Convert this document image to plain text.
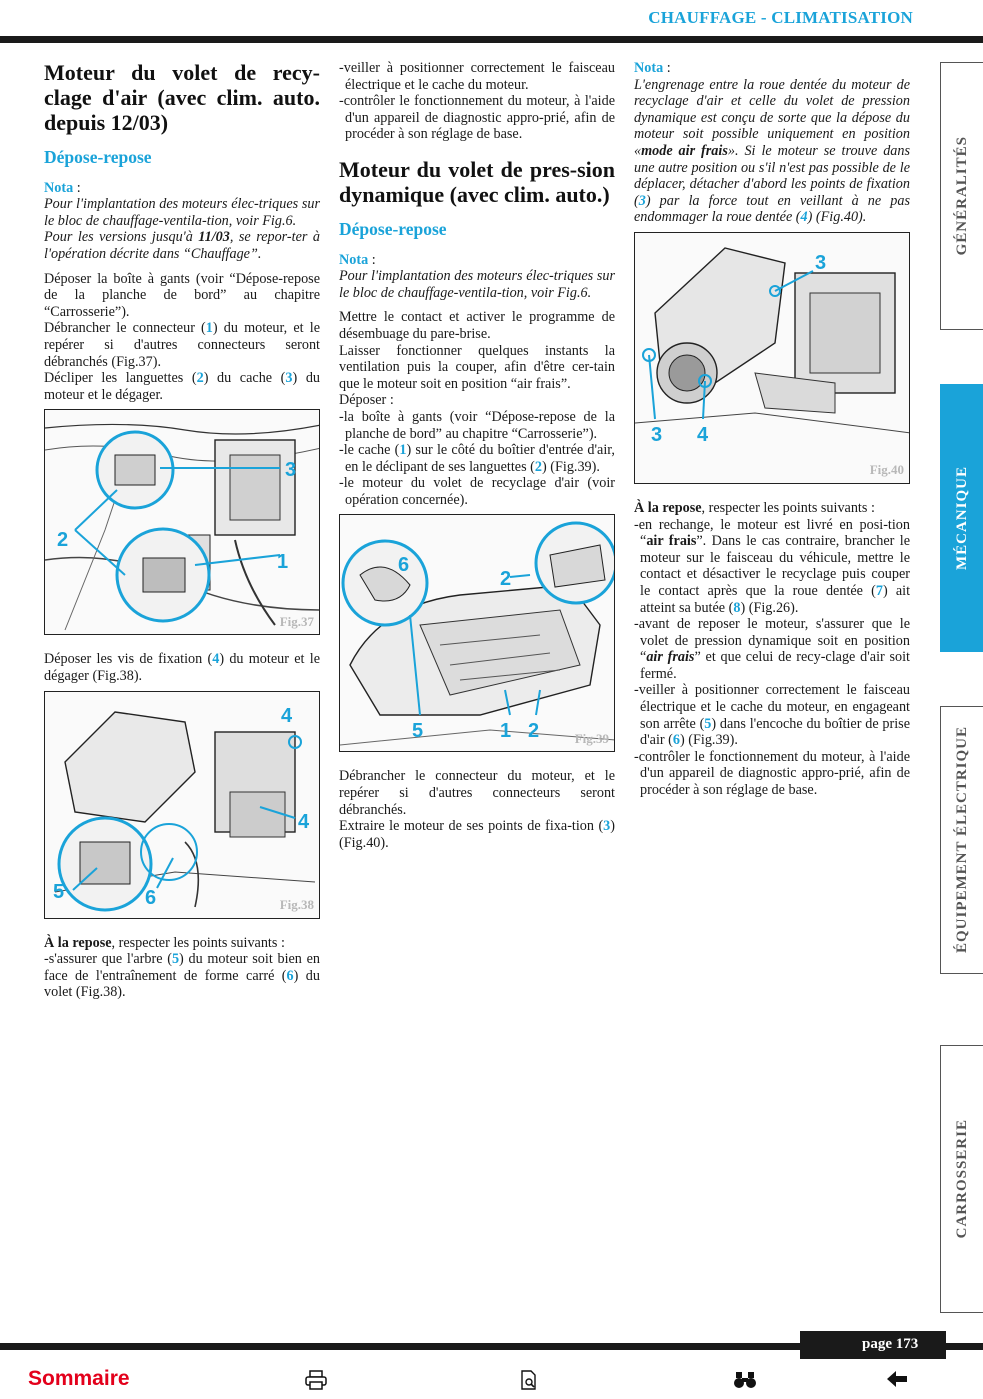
CHAUFFAGE - CLIMATISATION
Moteur du volet de recy-clage d'air (avec clim. auto. depuis 12/03)
Dépose-repose

Nota :

Pour l'implantation des moteurs élec-triques sur le bloc de chauffage-ventila-tion, voir Fig.6.

Pour les versions jusqu'à 11/03, se repor-ter à l'opération décrite dans “Chauffage”.

Déposer la boîte à gants (voir “Dépose-repose de la planche de bord” au chapitre “Carrosserie”).

Débrancher le connecteur (1) du moteur, et le repérer si d'autres connecteurs seront débranchés (Fig.37).

Décliper les languettes (2) du cache (3) du moteur et le dégager.

3
2
1
Fig.37

Déposer les vis de fixation (4) du moteur et le dégager (Fig.38).

4
4
5	6	Fig.38

À la repose, respecter les points suivants :

-s'assurer que l'arbre (5) du moteur soit bien en face de l'entraînement de forme carré (6) du volet (Fig.38).

-veiller à positionner correctement le faisceau électrique et le cache du moteur.

-contrôler le fonctionnement du moteur, à l'aide d'un appareil de diagnostic appro-prié, afin de procéder à son réglage de base.

Moteur du volet de pres-sion dynamique (avec clim. auto.)
Dépose-repose

Nota :

Pour l'implantation des moteurs élec-triques sur le bloc de chauffage-ventila-tion, voir Fig.6.

Mettre le contact et activer le programme de désembuage du pare-brise.

Laisser fonctionner quelques instants la ventilation puis la couper, afin d'être cer-tain que le moteur soit en position “air frais”.

Déposer :

-la boîte à gants (voir “Dépose-repose de la planche de bord” au chapitre “Carrosserie”).

-le cache (1) sur le côté du boîtier d'entrée d'air, en le déclipant de ses languettes (2) (Fig.39).

-le moteur du volet de recyclage d'air (voir opération concernée).

6
2
5	1 2	Fig.39

Débrancher le connecteur du moteur, et le repérer si d'autres connecteurs seront débranchés.

Extraire le moteur de ses points de fixa-tion (3) (Fig.40).

Nota :

L'engrenage entre la roue dentée du moteur de recyclage d'air et celle du volet de pression dynamique est conçu de sorte que la dépose du moteur soit possible uniquement en position «mode air frais». Si le moteur se trouve dans une autre position ou s'il n'est pas possible de le déplacer, détacher d'abord les points de fixation (3) par la force tout en veillant à ne pas endommager la roue dentée (4) (Fig.40).

3
3 4
Fig.40

À la repose, respecter les points suivants :

-en rechange, le moteur est livré en posi-tion “air frais”. Dans le cas contraire, brancher le moteur sur le faisceau du véhicule, mettre le contact et désactiver le recyclage puis couper le contact après que la roue dentée (7) ait atteint sa butée (8) (Fig.26).

-avant de reposer le moteur, s'assurer que le volet de pression dynamique soit en position “air frais” et que celui de recy-clage d'air soit fermé.

-veiller à positionner correctement le faisceau électrique et le cache du moteur, en engageant son arrête (5) dans l'encoche du boîtier de prise d'air (6) (Fig.39).

-contrôler le fonctionnement du moteur, à l'aide d'un appareil de diagnostic appro-prié, afin de procéder à son réglage de base.

GÉNÉRALITÉS
MÉCANIQUE
ÉQUIPEMENT ÉLECTRIQUE
CARROSSERIE
page 173
Sommaire
